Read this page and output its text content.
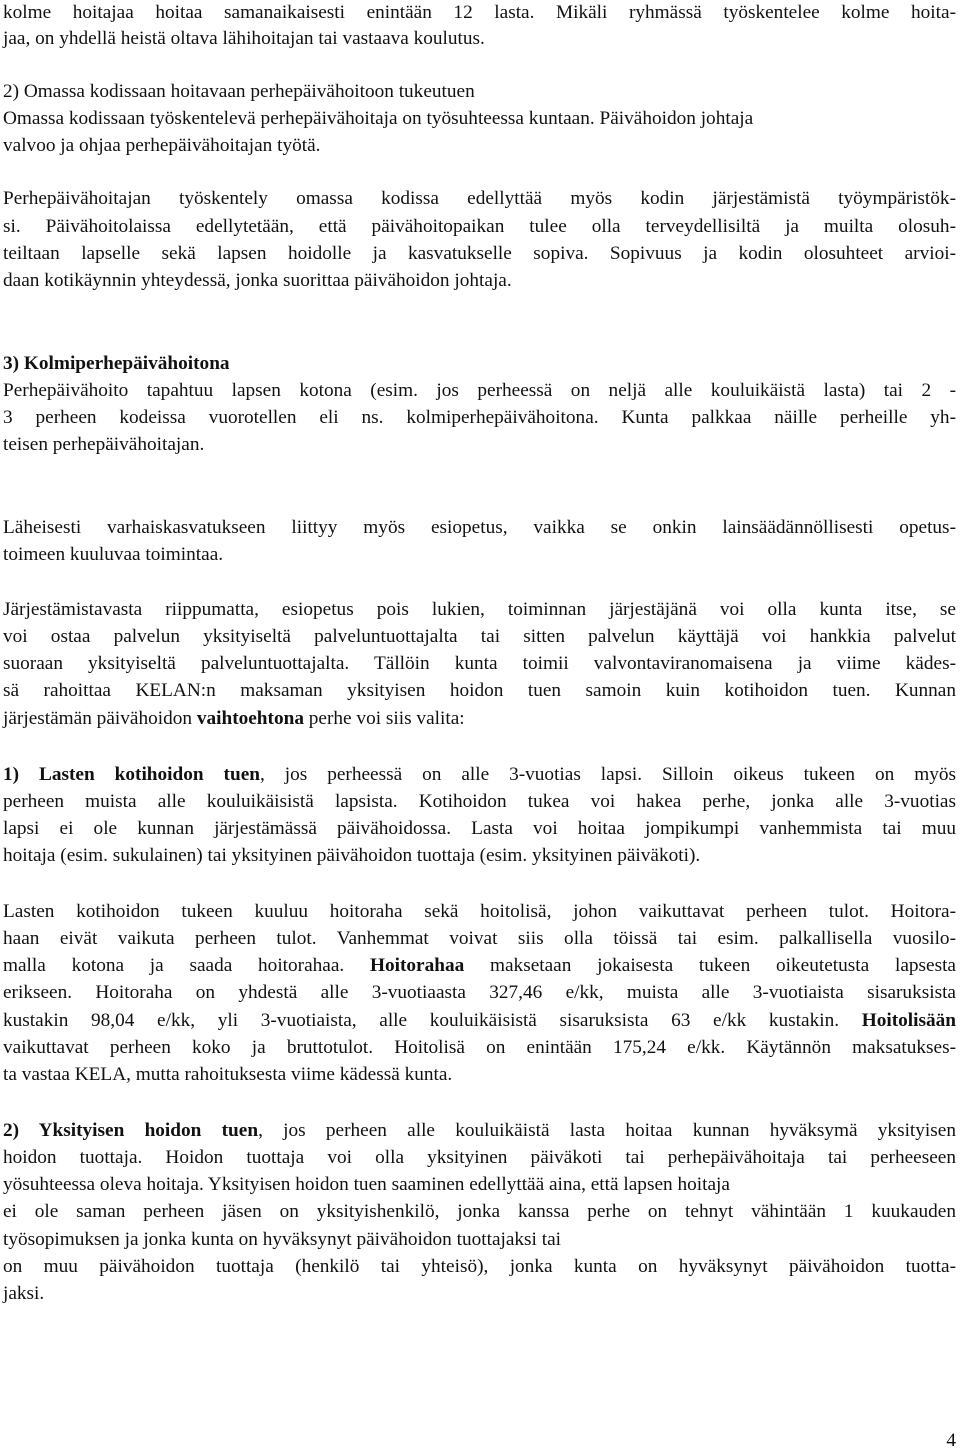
kolme hoitajaa hoitaa samanaikaisesti enintään 12 lasta. Mikäli ryhmässä työskentelee kolme hoita-

jaa, on yhdellä heistä oltava lähihoitajan tai vastaava koulutus.

2) Omassa kodissaan hoitavaan perhepäivähoitoon tukeutuen

Omassa kodissaan työskentelevä perhepäivähoitaja on työsuhteessa kuntaan. Päivähoidon johtaja

valvoo ja ohjaa perhepäivähoitajan työtä.

Perhepäivähoitajan työskentely omassa kodissa edellyttää myös kodin järjestämistä työympäristök-

si. Päivähoitolaissa edellytetään, että päivähoitopaikan tulee olla terveydellisiltä ja muilta olosuh-

teiltaan lapselle sekä lapsen hoidolle ja kasvatukselle sopiva. Sopivuus ja kodin olosuhteet arvioi-

daan kotikäynnin yhteydessä, jonka suorittaa päivähoidon johtaja.

3) Kolmiperhepäivähoitona

Perhepäivähoito tapahtuu lapsen kotona (esim. jos perheessä on neljä alle kouluikäistä lasta) tai 2 -

3 perheen kodeissa vuorotellen eli ns. kolmiperhepäivähoitona. Kunta palkkaa näille perheille yh-

teisen perhepäivähoitajan.

Läheisesti varhaiskasvatukseen liittyy myös esiopetus, vaikka se onkin lainsäädännöllisesti opetus-

toimeen kuuluvaa toimintaa.

Järjestämistavasta riippumatta, esiopetus pois lukien, toiminnan järjestäjänä voi olla kunta itse, se

voi ostaa palvelun yksityiseltä palveluntuottajalta tai sitten palvelun käyttäjä voi hankkia palvelut

suoraan yksityiseltä palveluntuottajalta. Tällöin kunta toimii valvontaviranomaisena ja viime kädes-

sä rahoittaa KELAN:n maksaman yksityisen hoidon tuen samoin kuin kotihoidon tuen. Kunnan

järjestämän päivähoidon vaihtoehtona perhe voi siis valita:

1) Lasten kotihoidon tuen, jos perheessä on alle 3-vuotias lapsi. Silloin oikeus tukeen on myös

perheen muista alle kouluikäisistä lapsista. Kotihoidon tukea voi hakea perhe, jonka alle 3-vuotias

lapsi ei ole kunnan järjestämässä päivähoidossa. Lasta voi hoitaa jompikumpi vanhemmista tai muu

hoitaja (esim. sukulainen) tai yksityinen päivähoidon tuottaja (esim. yksityinen päiväkoti).

Lasten kotihoidon tukeen kuuluu hoitoraha sekä hoitolisä, johon vaikuttavat perheen tulot. Hoitora-

haan eivät vaikuta perheen tulot. Vanhemmat voivat siis olla töissä tai esim. palkallisella vuosilo-

malla kotona ja saada hoitorahaa. Hoitorahaa maksetaan jokaisesta tukeen oikeutetusta lapsesta

erikseen. Hoitoraha on yhdestä alle 3-vuotiaasta 327,46 e/kk, muista alle 3-vuotiaista sisaruksista

kustakin 98,04 e/kk, yli 3-vuotiaista, alle kouluikäisistä sisaruksista 63 e/kk kustakin. Hoitolisään

vaikuttavat perheen koko ja bruttotulot. Hoitolisä on enintään 175,24 e/kk. Käytännön maksatukses-

ta vastaa KELA, mutta rahoituksesta viime kädessä kunta.

2) Yksityisen hoidon tuen, jos perheen alle kouluikäistä lasta hoitaa kunnan hyväksymä yksityisen

hoidon tuottaja. Hoidon tuottaja voi olla yksityinen päiväkoti tai perhepäivähoitaja tai perheeseen

yösuhteessa oleva hoitaja. Yksityisen hoidon tuen saaminen edellyttää aina, että lapsen hoitaja

ei ole saman perheen jäsen on yksityishenkilö, jonka kanssa perhe on tehnyt vähintään 1 kuukauden

työsopimuksen ja jonka kunta on hyväksynyt päivähoidon tuottajaksi tai

on muu päivähoidon tuottaja (henkilö tai yhteisö), jonka kunta on hyväksynyt päivähoidon tuotta-

jaksi.

4
